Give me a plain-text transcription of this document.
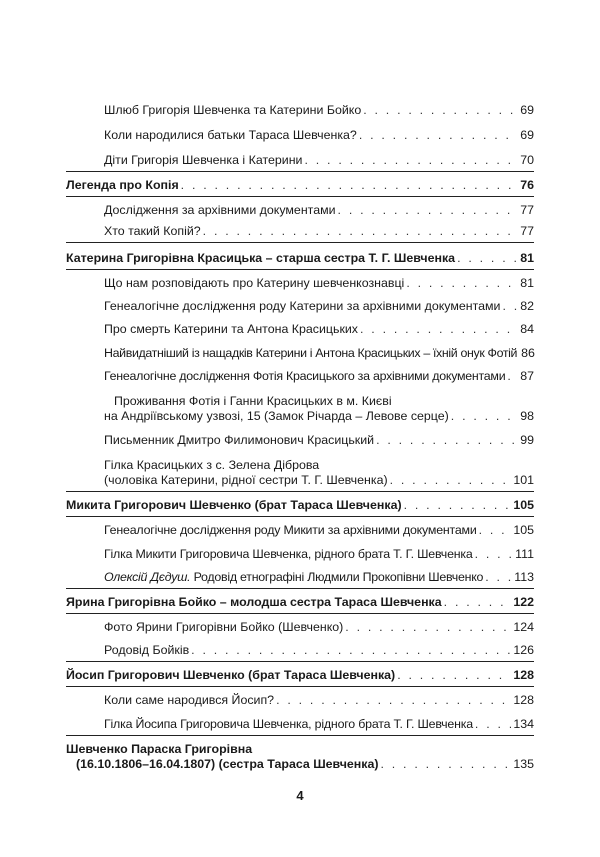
Шлюб Григорія Шевченка та Катерини Бойко . . .	69
Коли народилися батьки Тараса Шевченка? . . .	69
Діти Григорія Шевченка і Катерини . . .	70
Легенда про Копія . . .	76
Дослідження за архівними документами . . .	77
Хто такий Копій? . . .	77
Катерина Григорівна Красицька – старша сестра Т. Г. Шевченка . . .	81
Що нам розповідають про Катерину шевченкознавці . . .	81
Генеалогічне дослідження роду Катерини за архівними документами . . . 82
Про смерть Катерини та Антона Красицьких . . .	84
Найвидатніший із нащадків Катерини і Антона Красицьких – їхній онук Фотій 86
Генеалогічне дослідження Фотія Красицького за архівними документами . . . 87
Проживання Фотія і Ганни Красицьких в м. Києві
на Андріївському узвозі, 15 (Замок Річарда – Левове серце) . . .	98
Письменник Дмитро Филимонович Красицький . . .	99
Гілка Красицьких з с. Зелена Діброва
(чоловіка Катерини, рідної сестри Т. Г. Шевченка) . . .	101
Микита Григорович Шевченко (брат Тараса Шевченка) . . .	105
Генеалогічне дослідження роду Микити за архівними документами . . .	105
Гілка Микити Григоровича Шевченка, рідного брата Т. Г. Шевченка . . .	111
Олексій Дєдуш. Родовід етнографіні Людмили Прокопівни Шевченко . . .	113
Ярина Григорівна Бойко – молодша сестра Тараса Шевченка . . .	122
Фото Ярини Григорівни Бойко (Шевченко) . . .	124
Родовід Бойків . . .	126
Йосип Григорович Шевченко (брат Тараса Шевченка) . . .	128
Коли саме народився Йосип? . . .	128
Гілка Йосипа Григоровича Шевченка, рідного брата Т. Г. Шевченка . . .	134
Шевченко Параска Григорівна
(16.10.1806–16.04.1807) (сестра Тараса Шевченка) . . .	135
4
